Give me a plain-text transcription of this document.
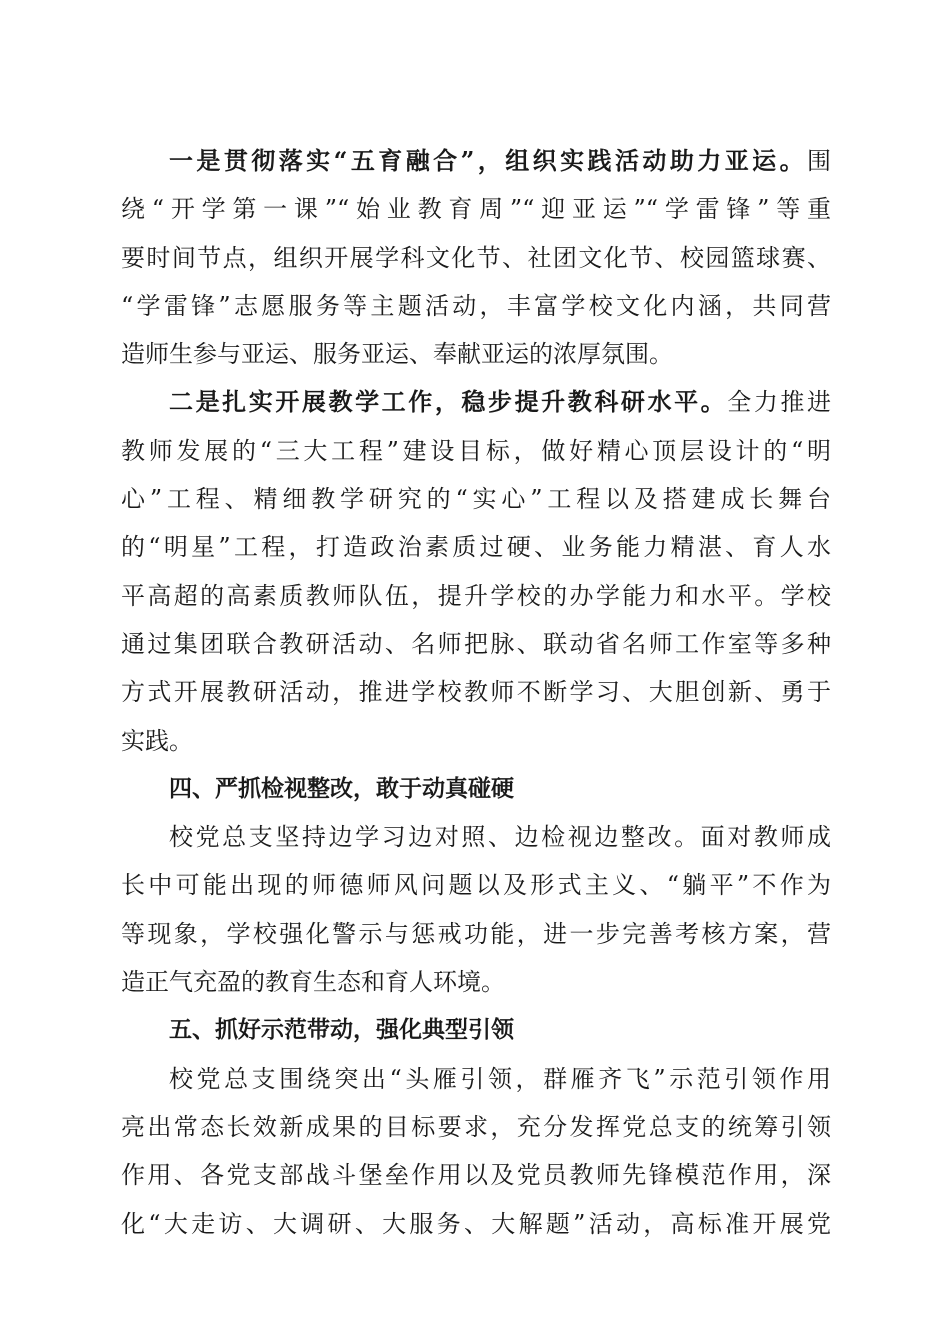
一是贯彻落实“五育融合”，组织实践活动助力亚运。围
绕“开学第一课”“始业教育周”“迎亚运”“学雷锋”等重
要时间节点，组织开展学科文化节、社团文化节、校园篮球赛、
“学雷锋”志愿服务等主题活动，丰富学校文化内涵，共同营
造师生参与亚运、服务亚运、奉献亚运的浓厚氛围。
二是扎实开展教学工作，稳步提升教科研水平。全力推进
教师发展的“三大工程”建设目标，做好精心顶层设计的“明
心”工程、精细教学研究的“实心”工程以及搭建成长舞台
的“明星”工程，打造政治素质过硬、业务能力精湛、育人水
平高超的高素质教师队伍，提升学校的办学能力和水平。学校
通过集团联合教研活动、名师把脉、联动省名师工作室等多种
方式开展教研活动，推进学校教师不断学习、大胆创新、勇于
实践。
四、严抓检视整改，敢于动真碰硬
校党总支坚持边学习边对照、边检视边整改。面对教师成
长中可能出现的师德师风问题以及形式主义、“躺平”不作为
等现象，学校强化警示与惩戒功能，进一步完善考核方案，营
造正气充盈的教育生态和育人环境。
五、抓好示范带动，强化典型引领
校党总支围绕突出“头雁引领，群雁齐飞”示范引领作用
亮出常态长效新成果的目标要求，充分发挥党总支的统筹引领
作用、各党支部战斗堡垒作用以及党员教师先锋模范作用，深
化“大走访、大调研、大服务、大解题”活动，高标准开展党
